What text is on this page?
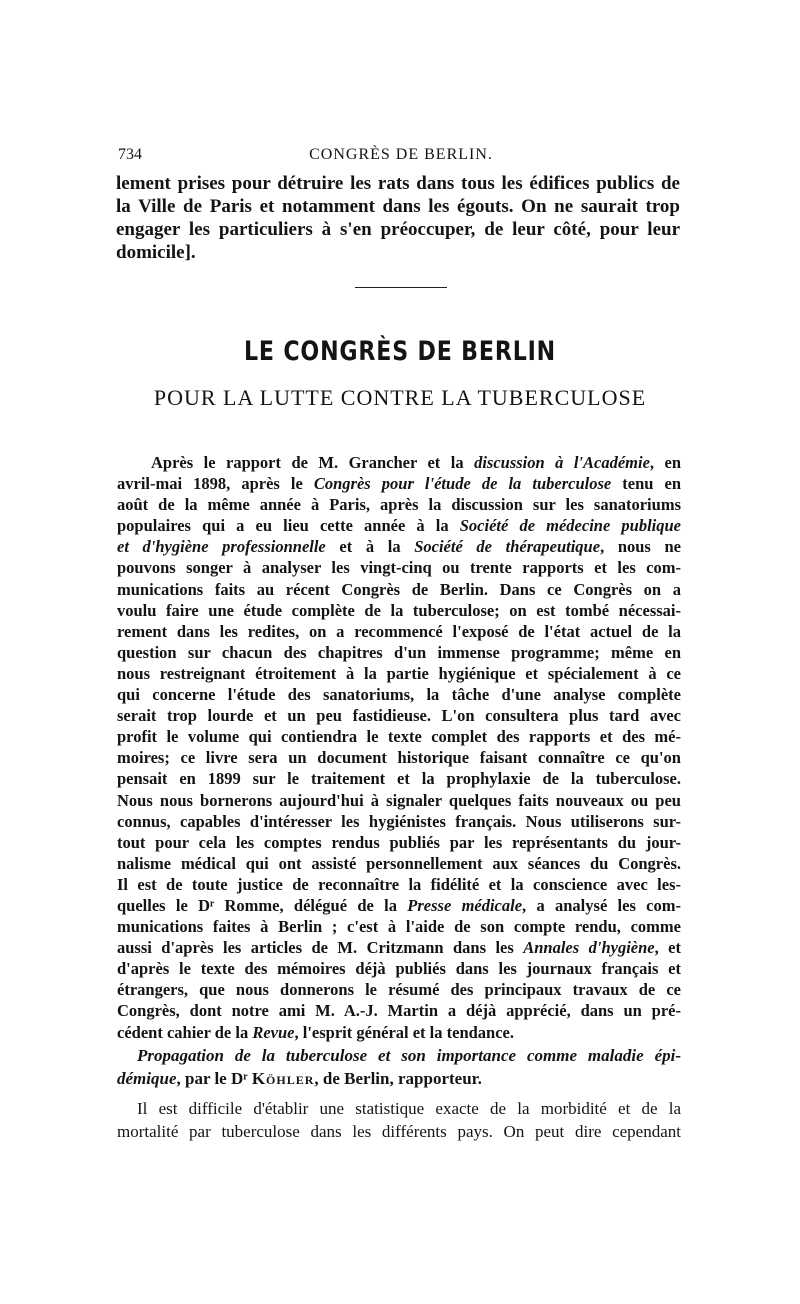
734	CONGRÈS DE BERLIN.
lement prises pour détruire les rats dans tous les édifices publics de
la Ville de Paris et notamment dans les égouts. On ne saurait trop
engager les particuliers à s'en préoccuper, de leur côté, pour leur
domicile].
LE CONGRÈS DE BERLIN
POUR LA LUTTE CONTRE LA TUBERCULOSE
Après le rapport de M. Grancher et la discussion à l'Académie, en
avril-mai 1898, après le Congrès pour l'étude de la tuberculose tenu en
août de la même année à Paris, après la discussion sur les sanatoriums
populaires qui a eu lieu cette année à la Société de médecine publique
et d'hygiène professionnelle et à la Société de thérapeutique, nous ne
pouvons songer à analyser les vingt-cinq ou trente rapports et les com-
munications faits au récent Congrès de Berlin. Dans ce Congrès on a
voulu faire une étude complète de la tuberculose; on est tombé nécessai-
rement dans les redites, on a recommencé l'exposé de l'état actuel de la
question sur chacun des chapitres d'un immense programme; même en
nous restreignant étroitement à la partie hygiénique et spécialement à ce
qui concerne l'étude des sanatoriums, la tâche d'une analyse complète
serait trop lourde et un peu fastidieuse. L'on consultera plus tard avec
profit le volume qui contiendra le texte complet des rapports et des mé-
moires; ce livre sera un document historique faisant connaître ce qu'on
pensait en 1899 sur le traitement et la prophylaxie de la tuberculose.
Nous nous bornerons aujourd'hui à signaler quelques faits nouveaux ou peu
connus, capables d'intéresser les hygiénistes français. Nous utiliserons sur-
tout pour cela les comptes rendus publiés par les représentants du jour-
nalisme médical qui ont assisté personnellement aux séances du Congrès.
Il est de toute justice de reconnaître la fidélité et la conscience avec les-
quelles le Dʳ Romme, délégué de la Presse médicale, a analysé les com-
munications faites à Berlin ; c'est à l'aide de son compte rendu, comme
aussi d'après les articles de M. Critzmann dans les Annales d'hygiène, et
d'après le texte des mémoires déjà publiés dans les journaux français et
étrangers, que nous donnerons le résumé des principaux travaux de ce
Congrès, dont notre ami M. A.-J. Martin a déjà apprécié, dans un pré-
cédent cahier de la Revue, l'esprit général et la tendance.
Propagation de la tuberculose et son importance comme maladie épi-
démique, par le Dʳ Köhler, de Berlin, rapporteur.
Il est difficile d'établir une statistique exacte de la morbidité et de la
mortalité par tuberculose dans les différents pays. On peut dire cependant
